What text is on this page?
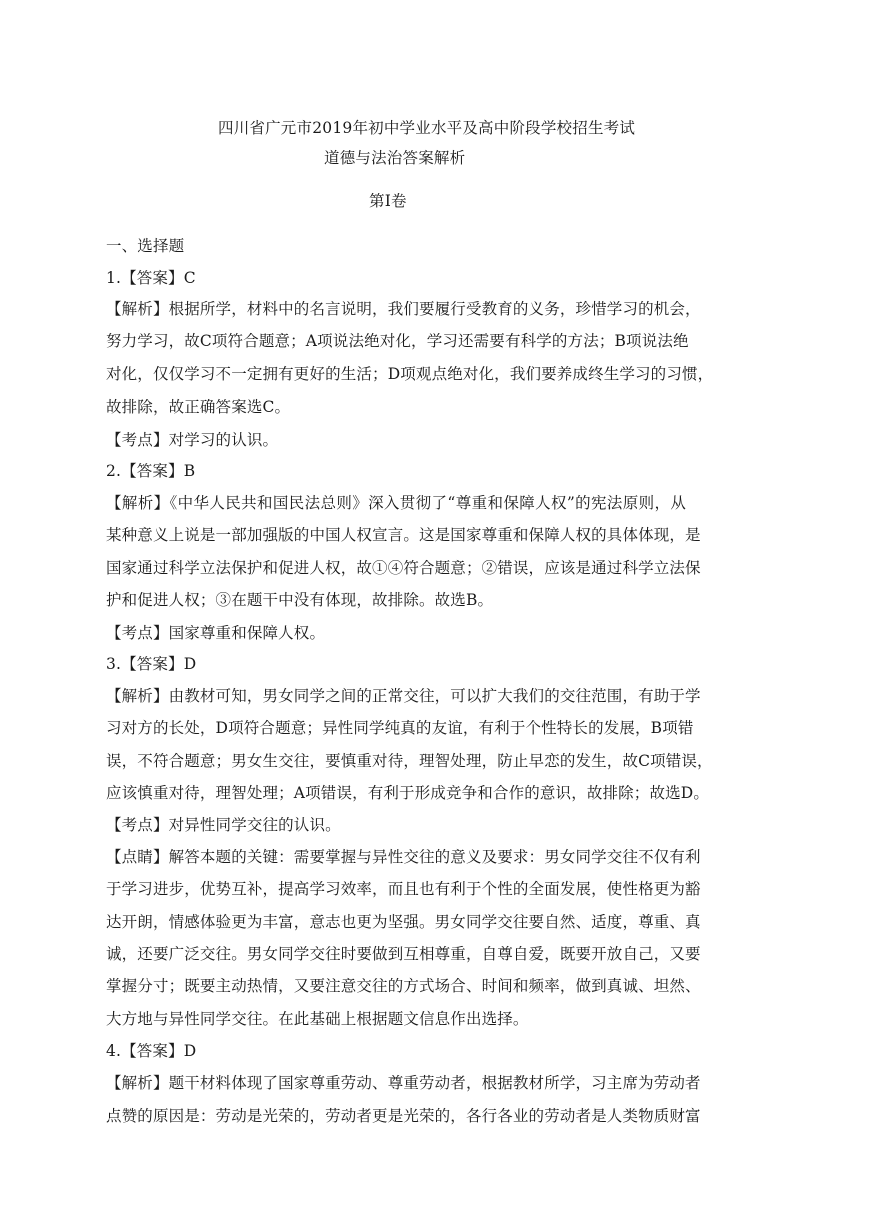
四川省广元市2019年初中学业水平及高中阶段学校招生考试
道德与法治答案解析
第Ⅰ卷
一、选择题
1.【答案】C
【解析】根据所学，材料中的名言说明，我们要履行受教育的义务，珍惜学习的机会，
努力学习，故C项符合题意；A项说法绝对化，学习还需要有科学的方法；B项说法绝
对化，仅仅学习不一定拥有更好的生活；D项观点绝对化，我们要养成终生学习的习惯，
故排除，故正确答案选C。
【考点】对学习的认识。
2.【答案】B
【解析】《中华人民共和国民法总则》深入贯彻了“尊重和保障人权”的宪法原则，从
某种意义上说是一部加强版的中国人权宣言。这是国家尊重和保障人权的具体体现，是
国家通过科学立法保护和促进人权，故①④符合题意；②错误，应该是通过科学立法保
护和促进人权；③在题干中没有体现，故排除。故选B。
【考点】国家尊重和保障人权。
3.【答案】D
【解析】由教材可知，男女同学之间的正常交往，可以扩大我们的交往范围，有助于学
习对方的长处，D项符合题意；异性同学纯真的友谊，有利于个性特长的发展，B项错
误，不符合题意；男女生交往，要慎重对待，理智处理，防止早恋的发生，故C项错误，
应该慎重对待，理智处理；A项错误，有利于形成竞争和合作的意识，故排除；故选D。
【考点】对异性同学交往的认识。
【点睛】解答本题的关键：需要掌握与异性交往的意义及要求：男女同学交往不仅有利
于学习进步，优势互补，提高学习效率，而且也有利于个性的全面发展，使性格更为豁
达开朗，情感体验更为丰富，意志也更为坚强。男女同学交往要自然、适度，尊重、真
诚，还要广泛交往。男女同学交往时要做到互相尊重，自尊自爱，既要开放自己，又要
掌握分寸；既要主动热情，又要注意交往的方式场合、时间和频率，做到真诚、坦然、
大方地与异性同学交往。在此基础上根据题文信息作出选择。
4.【答案】D
【解析】题干材料体现了国家尊重劳动、尊重劳动者，根据教材所学，习主席为劳动者
点赞的原因是：劳动是光荣的，劳动者更是光荣的，各行各业的劳动者是人类物质财富
